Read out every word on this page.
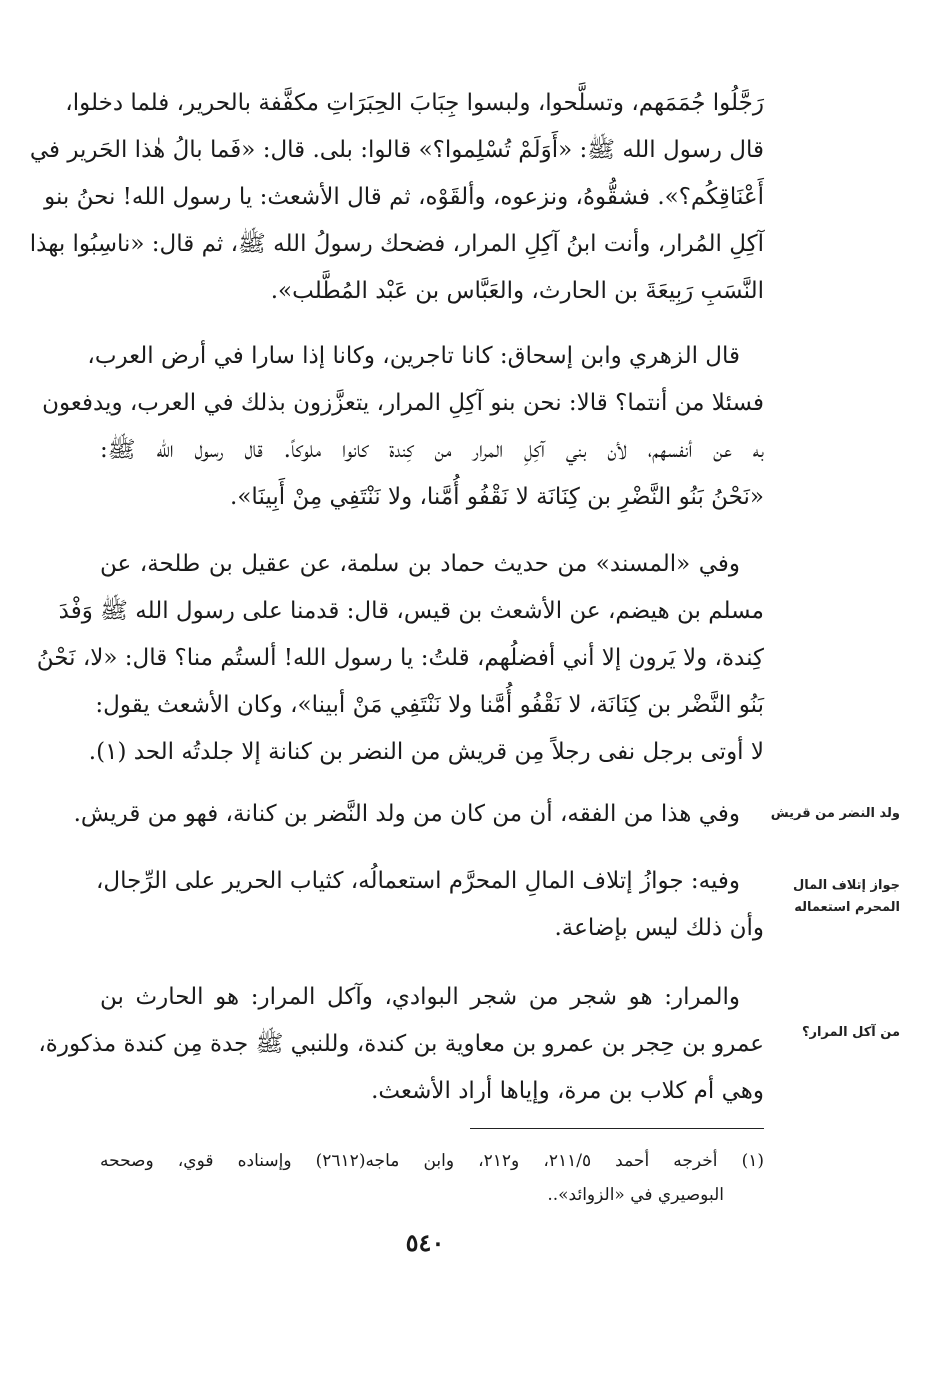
رَجَّلُوا جُمَمَهم، وتسلَّحوا، ولبسوا جِبَابَ الحِبَرَاتِ مكفَّفة بالحرير، فلما دخلوا،
قال رسول الله ﷺ: «أَوَلَمْ تُسْلِموا؟» قالوا: بلى. قال: «فَما بالُ هٰذا الحَرير في
أَعْنَاقِكُم؟». فشقُّوهُ، ونزعوه، وألقَوْه، ثم قال الأشعث: يا رسول الله! نحنُ بنو
آكِلِ المُرار، وأنت ابنُ آكِلِ المرار، فضحك رسولُ الله ﷺ، ثم قال: «ناسِبُوا بهذا
النَّسَبِ رَبِيعَةَ بن الحارث، والعَبَّاس بن عَبْد المُطَّلب».
قال الزهري وابن إسحاق: كانا تاجرين، وكانا إذا سارا في أرض العرب،
فسئلا من أنتما؟ قالا: نحن بنو آكِلِ المرار، يتعزَّزون بذلك في العرب، ويدفعون
به عن أنفسهم، لأن بني آكِلِ المرار من كِندة كانوا ملوكاً. قال رسول الله ﷺ:
«نَحْنُ بَنُو النَّضْرِ بن كِنَانَة لا نَقْفُو أُمَّنا، ولا نَنْتَفِي مِنْ أَبِينَا».
وفي «المسند» من حديث حماد بن سلمة، عن عقيل بن طلحة، عن
مسلم بن هيضم، عن الأشعث بن قيس، قال: قدمنا على رسول الله ﷺ وَفْدَ
كِندة، ولا يَرون إلا أني أفضلُهم، قلتُ: يا رسول الله! ألستُم منا؟ قال: «لا، نَحْنُ
بَنُو النَّضْر بن كِنَانَة، لا نَقْفُو أُمَّنا ولا نَنْتَفِي مَنْ أبينا»، وكان الأشعث يقول:
لا أوتى برجل نفى رجلاً مِن قريش من النضر بن كنانة إلا جلدتُه الحد (١).
وفي هذا من الفقه، أن من كان من ولد النَّضر بن كنانة، فهو من قريش.
وفيه: جوازُ إتلاف المالِ المحرَّم استعمالُه، كثياب الحرير على الرِّجال،
وأن ذلك ليس بإضاعة.
والمرار: هو شجر من شجر البوادي، وآكل المرار: هو الحارث بن
عمرو بن حِجر بن عمرو بن معاوية بن كندة، وللنبي ﷺ جدة مِن كندة مذكورة،
وهي أم كلاب بن مرة، وإياها أراد الأشعث.
ولد النضر من قريش
جواز إتلاف المال المحرم استعماله
من آكل المرار؟
(١) أخرجه أحمد ٢١١/٥، و٢١٢، وابن ماجه(٢٦١٢) وإسناده قوي، وصححه
البوصيري في «الزوائد»..
٥٤٠
